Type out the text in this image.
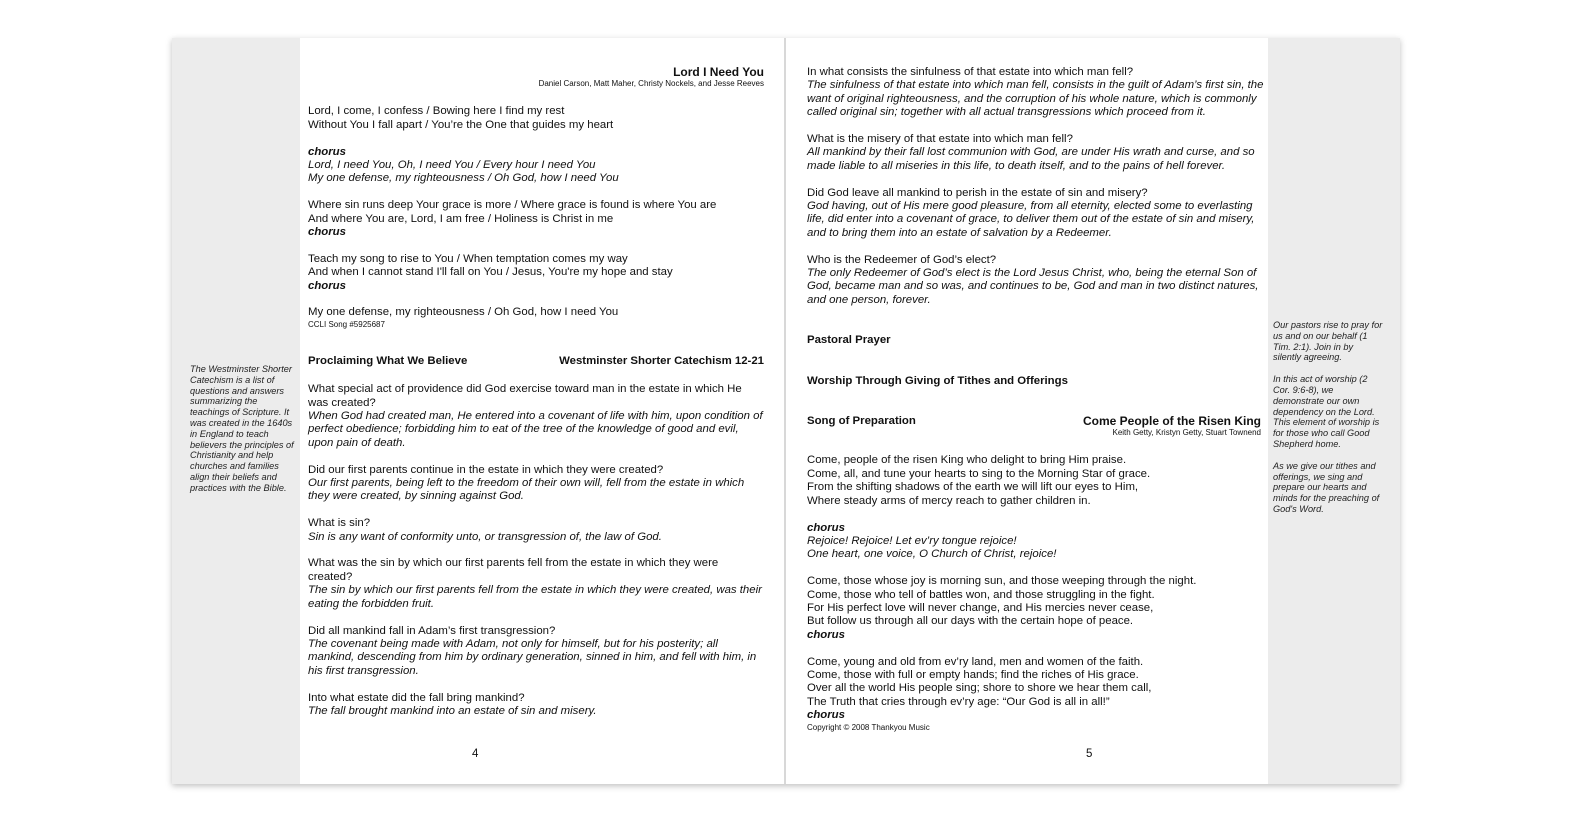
The Westminster Shorter Catechism is a list of questions and answers summarizing the teachings of Scripture. It was created in the 1640s in England to teach believers the principles of Christianity and help churches and families align their beliefs and practices with the Bible.

Lord I Need You

Daniel Carson, Matt Maher, Christy Nockels, and Jesse Reeves

Lord, I come, I confess / Bowing here I find my rest

Without You I fall apart / You’re the One that guides my heart

chorus

Lord, I need You, Oh, I need You / Every hour I need You

My one defense, my righteousness / Oh God, how I need You

Where sin runs deep Your grace is more / Where grace is found is where You are

And where You are, Lord, I am free / Holiness is Christ in me

chorus

Teach my song to rise to You / When temptation comes my way

And when I cannot stand I'll fall on You / Jesus, You're my hope and stay

chorus

My one defense, my righteousness / Oh God, how I need You

CCLI Song #5925687

Proclaiming What We Believe	Westminster Shorter Catechism 12-21

What special act of providence did God exercise toward man in the estate in which He was created?

When God had created man, He entered into a covenant of life with him, upon condition of perfect obedience; forbidding him to eat of the tree of the knowledge of good and evil, upon pain of death.

Did our first parents continue in the estate in which they were created?

Our first parents, being left to the freedom of their own will, fell from the estate in which they were created, by sinning against God.

What is sin?

Sin is any want of conformity unto, or transgression of, the law of God.

What was the sin by which our first parents fell from the estate in which they were created?

The sin by which our first parents fell from the estate in which they were created, was their eating the forbidden fruit.

Did all mankind fall in Adam’s first transgression?

The covenant being made with Adam, not only for himself, but for his posterity; all mankind, descending from him by ordinary generation, sinned in him, and fell with him, in his first transgression.

Into what estate did the fall bring mankind?

The fall brought mankind into an estate of sin and misery.

4

In what consists the sinfulness of that estate into which man fell?

The sinfulness of that estate into which man fell, consists in the guilt of Adam’s first sin, the want of original righteousness, and the corruption of his whole nature, which is commonly called original sin; together with all actual transgressions which proceed from it.

What is the misery of that estate into which man fell?

All mankind by their fall lost communion with God, are under His wrath and curse, and so made liable to all miseries in this life, to death itself, and to the pains of hell forever.

Did God leave all mankind to perish in the estate of sin and misery?

God having, out of His mere good pleasure, from all eternity, elected some to everlasting life, did enter into a covenant of grace, to deliver them out of the estate of sin and misery, and to bring them into an estate of salvation by a Redeemer.

Who is the Redeemer of God’s elect?

The only Redeemer of God’s elect is the Lord Jesus Christ, who, being the eternal Son of God, became man and so was, and continues to be, God and man in two distinct natures, and one person, forever.

Pastoral Prayer

Worship Through Giving of Tithes and Offerings

Song of Preparation	Come People of the Risen King

Keith Getty, Kristyn Getty, Stuart Townend

Come, people of the risen King who delight to bring Him praise.

Come, all, and tune your hearts to sing to the Morning Star of grace.

From the shifting shadows of the earth we will lift our eyes to Him,

Where steady arms of mercy reach to gather children in.

chorus

Rejoice! Rejoice! Let ev’ry tongue rejoice!

One heart, one voice, O Church of Christ, rejoice!

Come, those whose joy is morning sun, and those weeping through the night.

Come, those who tell of battles won, and those struggling in the fight.

For His perfect love will never change, and His mercies never cease,

But follow us through all our days with the certain hope of peace.

chorus

Come, young and old from ev’ry land, men and women of the faith.

Come, those with full or empty hands; find the riches of His grace.

Over all the world His people sing; shore to shore we hear them call,

The Truth that cries through ev’ry age: “Our God is all in all!”

chorus

Copyright © 2008 Thankyou Music

5

Our pastors rise to pray for us and on our behalf (1 Tim. 2:1). Join in by silently agreeing.

In this act of worship (2 Cor. 9:6-8), we demonstrate our own dependency on the Lord. This element of worship is for those who call Good Shepherd home.

As we give our tithes and offerings, we sing and prepare our hearts and minds for the preaching of God's Word.
